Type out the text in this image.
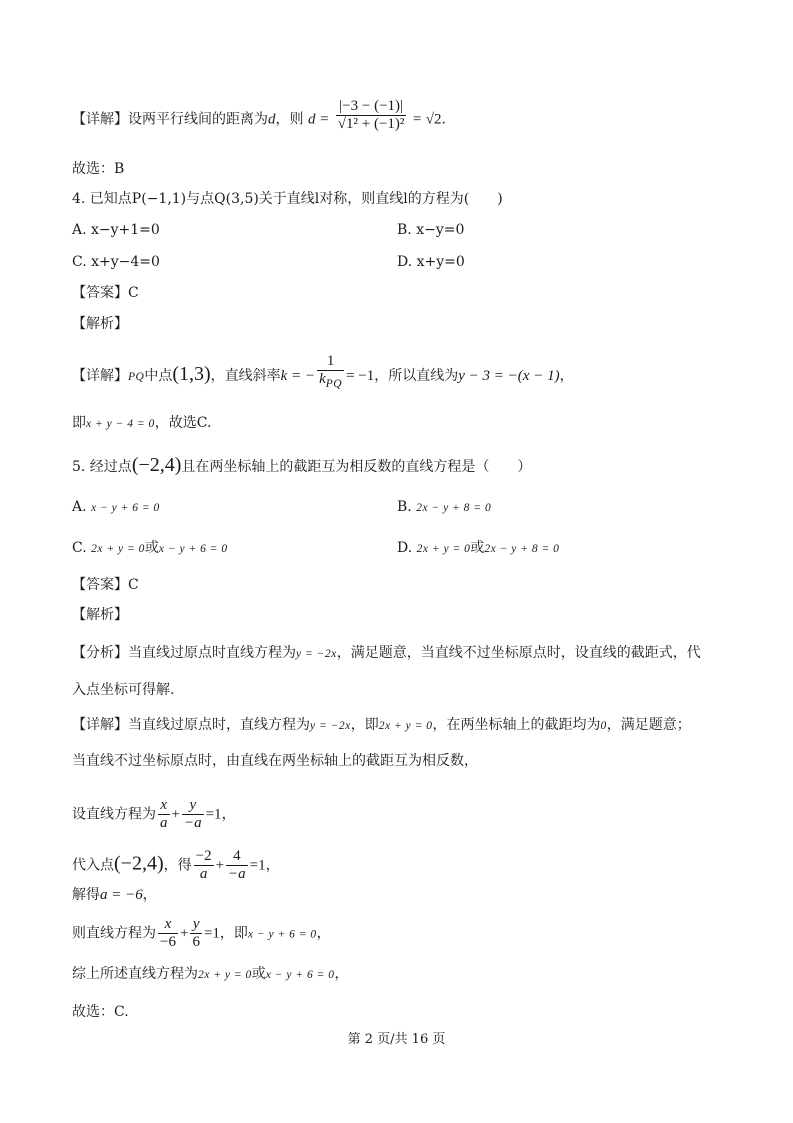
【详解】设两平行线间的距离为d，则 $d = \frac{|-3 - (-1)|}{\text{√1² + (−1)²}} = √2$.
故选：B
4. 已知点P(−1,1)与点Q(3,5)关于直线l对称，则直线l的方程为(　　)
A. x−y+1=0	B. x−y=0
C. x+y−4=0	D. x+y=0
【答案】C
【解析】
【详解】PQ中点(1,3)，直线斜率k = − $\frac{1}{k_{PQ}} = -1$，所以直线为y − 3 = −(x − 1)，
即x + y − 4 = 0，故选C.
5. 经过点(−2,4)且在两坐标轴上的截距互为相反数的直线方程是（　　）
A. x − y + 6 = 0	B. 2x − y + 8 = 0
C. 2x + y = 0或x − y + 6 = 0	D. 2x + y = 0或2x − y + 8 = 0
【答案】C
【解析】
【分析】当直线过原点时直线方程为y = −2x，满足题意，当直线不过坐标原点时，设直线的截距式，代
入点坐标可得解.
【详解】当直线过原点时，直线方程为y = −2x，即2x + y = 0，在两坐标轴上的截距均为0，满足题意；
当直线不过坐标原点时，由直线在两坐标轴上的截距互为相反数，
设直线方程为 $\frac{x}{a} + \frac{y}{-a} =1$，
代入点(−2,4)，得 $\frac{-2}{a} + \frac{4}{-a} =1$，
解得a = −6，
则直线方程为 $\frac{x}{-6} + \frac{y}{6} =1$，即x − y + 6 = 0，
综上所述直线方程为2x + y = 0或x − y + 6 = 0，
故选：C.
第 2 页/共 16 页
